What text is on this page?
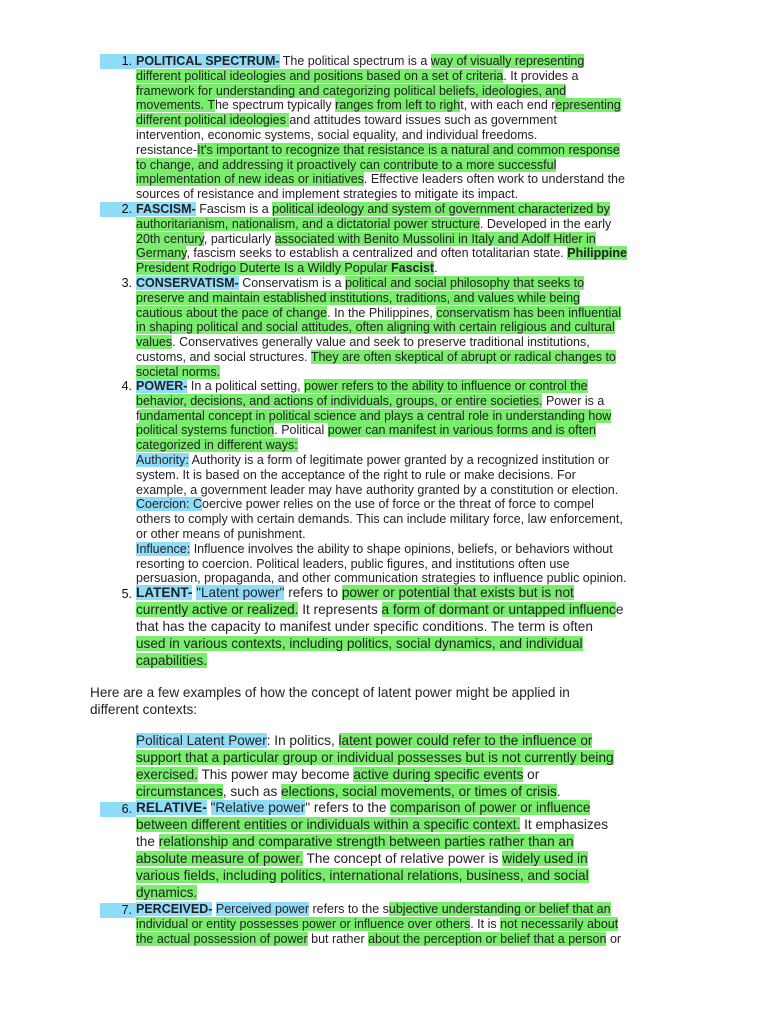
1. POLITICAL SPECTRUM- The political spectrum is a way of visually representing
different political ideologies and positions based on a set of criteria. It provides a
framework for understanding and categorizing political beliefs, ideologies, and
movements. The spectrum typically ranges from left to right, with each end representing
different political ideologies and attitudes toward issues such as government
intervention, economic systems, social equality, and individual freedoms.
resistance-It's important to recognize that resistance is a natural and common response
to change, and addressing it proactively can contribute to a more successful
implementation of new ideas or initiatives. Effective leaders often work to understand the
sources of resistance and implement strategies to mitigate its impact.
2. FASCISM- Fascism is a political ideology and system of government characterized by
authoritarianism, nationalism, and a dictatorial power structure. Developed in the early
20th century, particularly associated with Benito Mussolini in Italy and Adolf Hitler in
Germany, fascism seeks to establish a centralized and often totalitarian state. Philippine
President Rodrigo Duterte Is a Wildly Popular Fascist.
3. CONSERVATISM- Conservatism is a political and social philosophy that seeks to
preserve and maintain established institutions, traditions, and values while being
cautious about the pace of change. In the Philippines, conservatism has been influential
in shaping political and social attitudes, often aligning with certain religious and cultural
values. Conservatives generally value and seek to preserve traditional institutions,
customs, and social structures. They are often skeptical of abrupt or radical changes to
societal norms.
4. POWER- In a political setting, power refers to the ability to influence or control the
behavior, decisions, and actions of individuals, groups, or entire societies. Power is a
fundamental concept in political science and plays a central role in understanding how
political systems function. Political power can manifest in various forms and is often
categorized in different ways:
Authority: Authority is a form of legitimate power granted by a recognized institution or
system. It is based on the acceptance of the right to rule or make decisions. For
example, a government leader may have authority granted by a constitution or election.
Coercion: Coercive power relies on the use of force or the threat of force to compel
others to comply with certain demands. This can include military force, law enforcement,
or other means of punishment.
Influence: Influence involves the ability to shape opinions, beliefs, or behaviors without
resorting to coercion. Political leaders, public figures, and institutions often use
persuasion, propaganda, and other communication strategies to influence public opinion.
5. LATENT- "Latent power" refers to power or potential that exists but is not
currently active or realized. It represents a form of dormant or untapped influence
that has the capacity to manifest under specific conditions. The term is often
used in various contexts, including politics, social dynamics, and individual
capabilities.
Here are a few examples of how the concept of latent power might be applied in
different contexts:
Political Latent Power: In politics, latent power could refer to the influence or
support that a particular group or individual possesses but is not currently being
exercised. This power may become active during specific events or
circumstances, such as elections, social movements, or times of crisis.
6. RELATIVE- "Relative power" refers to the comparison of power or influence
between different entities or individuals within a specific context. It emphasizes
the relationship and comparative strength between parties rather than an
absolute measure of power. The concept of relative power is widely used in
various fields, including politics, international relations, business, and social
dynamics.
7. PERCEIVED- Perceived power refers to the subjective understanding or belief that an
individual or entity possesses power or influence over others. It is not necessarily about
the actual possession of power but rather about the perception or belief that a person or
